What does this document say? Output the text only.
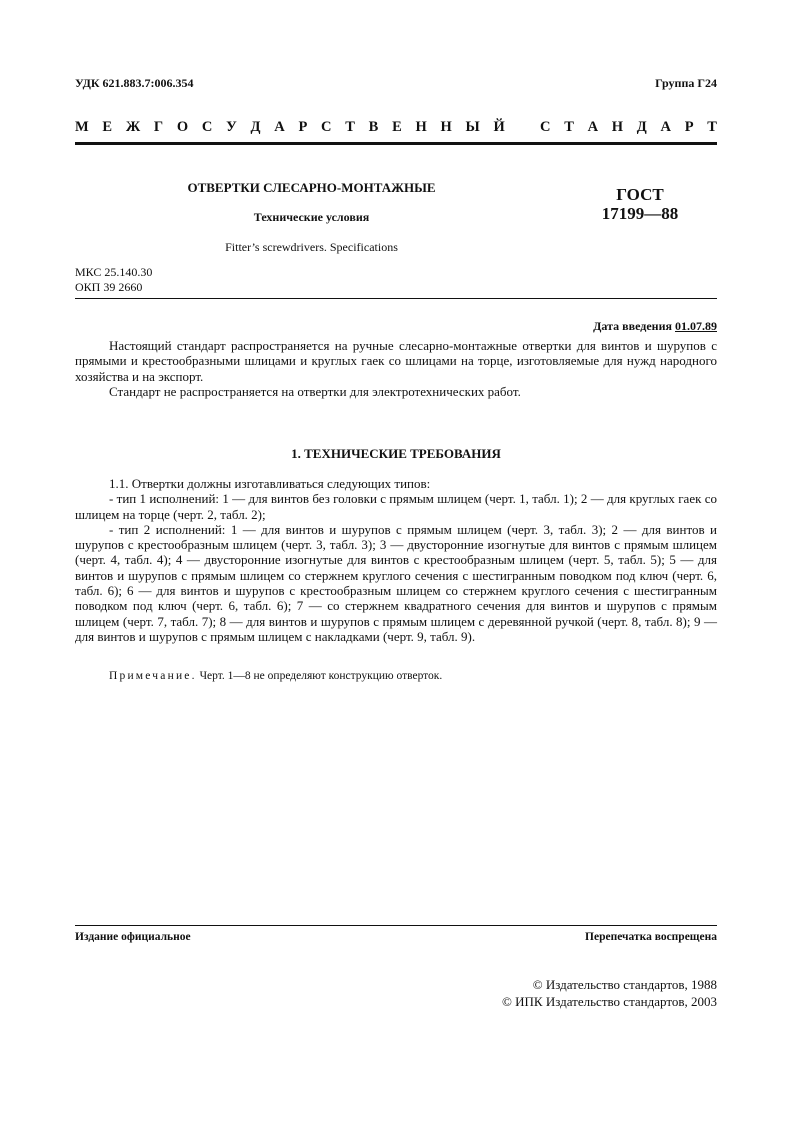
УДК 621.883.7:006.354	Группа Г24
М Е Ж Г О С У Д А Р С Т В Е Н Н Ы Й С Т А Н Д А Р Т
ОТВЕРТКИ СЛЕСАРНО-МОНТАЖНЫЕ
Технические условия
Fitter’s screwdrivers. Specifications
ГОСТ
17199—88
МКС 25.140.30
ОКП 39 2660
Дата введения 01.07.89

Настоящий стандарт распространяется на ручные слесарно-монтажные отвертки для винтов и шурупов с прямыми и крестообразными шлицами и круглых гаек со шлицами на торце, изготовляемые для нужд народного хозяйства и на экспорт.

Стандарт не распространяется на отвертки для электротехнических работ.

1. ТЕХНИЧЕСКИЕ ТРЕБОВАНИЯ

1.1. Отвертки должны изготавливаться следующих типов:

- тип 1 исполнений: 1 — для винтов без головки с прямым шлицем (черт. 1, табл. 1); 2 — для круглых гаек со шлицем на торце (черт. 2, табл. 2);

- тип 2 исполнений: 1 — для винтов и шурупов с прямым шлицем (черт. 3, табл. 3); 2 — для винтов и шурупов с крестообразным шлицем (черт. 3, табл. 3); 3 — двусторонние изогнутые для винтов с прямым шлицем (черт. 4, табл. 4); 4 — двусторонние изогнутые для винтов с крестообразным шлицем (черт. 5, табл. 5); 5 — для винтов и шурупов с прямым шлицем со стержнем круглого сечения с шестигранным поводком под ключ (черт. 6, табл. 6); 6 — для винтов и шурупов с крестообразным шлицем со стержнем круглого сечения с шестигранным поводком под ключ (черт. 6, табл. 6); 7 — со стержнем квадратного сечения для винтов и шурупов с прямым шлицем (черт. 7, табл. 7); 8 — для винтов и шурупов с прямым шлицем с деревянной ручкой (черт. 8, табл. 8); 9 — для винтов и шурупов с прямым шлицем с накладками (черт. 9, табл. 9).

Примечание. Черт. 1—8 не определяют конструкцию отверток.
Издание официальное	Перепечатка воспрещена
© Издательство стандартов, 1988
© ИПК Издательство стандартов, 2003
